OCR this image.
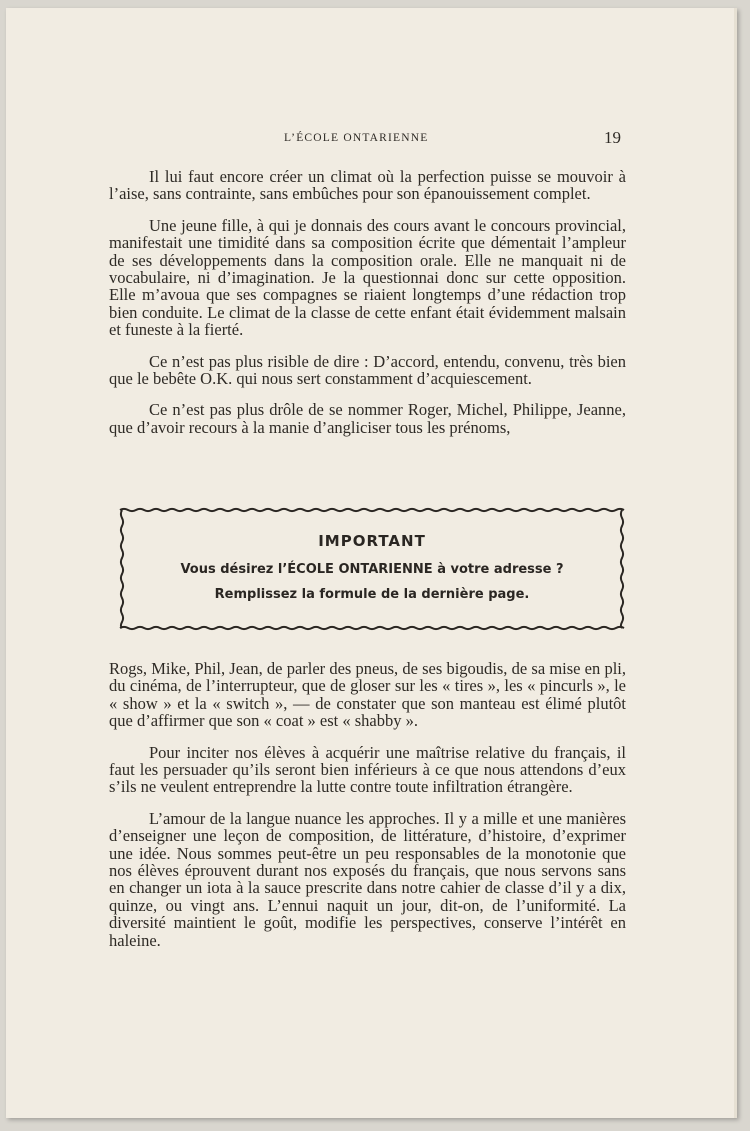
L’ÉCOLE ONTARIENNE	19

Il lui faut encore créer un climat où la perfection puisse se mouvoir à l’aise, sans contrainte, sans embûches pour son épanouissement complet.

Une jeune fille, à qui je donnais des cours avant le concours provincial, manifestait une timidité dans sa composition écrite que démentait l’ampleur de ses développements dans la composition orale. Elle ne manquait ni de vocabulaire, ni d’imagination. Je la questionnai donc sur cette opposition. Elle m’avoua que ses compagnes se riaient longtemps d’une rédaction trop bien conduite. Le climat de la classe de cette enfant était évidemment malsain et funeste à la fierté.

Ce n’est pas plus risible de dire : D’accord, entendu, convenu, très bien que le bebête O.K. qui nous sert constamment d’acquiescement.

Ce n’est pas plus drôle de se nommer Roger, Michel, Philippe, Jeanne, que d’avoir recours à la manie d’angliciser tous les prénoms,

IMPORTANT
Vous désirez l’ÉCOLE ONTARIENNE à votre adresse ?
Remplissez la formule de la dernière page.

Rogs, Mike, Phil, Jean, de parler des pneus, de ses bigoudis, de sa mise en pli, du cinéma, de l’interrupteur, que de gloser sur les « tires », les « pincurls », le « show » et la « switch », — de constater que son manteau est élimé plutôt que d’affirmer que son « coat » est « shabby ».

Pour inciter nos élèves à acquérir une maîtrise relative du français, il faut les persuader qu’ils seront bien inférieurs à ce que nous attendons d’eux s’ils ne veulent entreprendre la lutte contre toute infiltration étrangère.

L’amour de la langue nuance les approches. Il y a mille et une manières d’enseigner une leçon de composition, de littérature, d’histoire, d’exprimer une idée. Nous sommes peut-être un peu responsables de la monotonie que nos élèves éprouvent durant nos exposés du français, que nous servons sans en changer un iota à la sauce prescrite dans notre cahier de classe d’il y a dix, quinze, ou vingt ans. L’ennui naquit un jour, dit-on, de l’uniformité. La diversité maintient le goût, modifie les perspectives, conserve l’intérêt en haleine.
